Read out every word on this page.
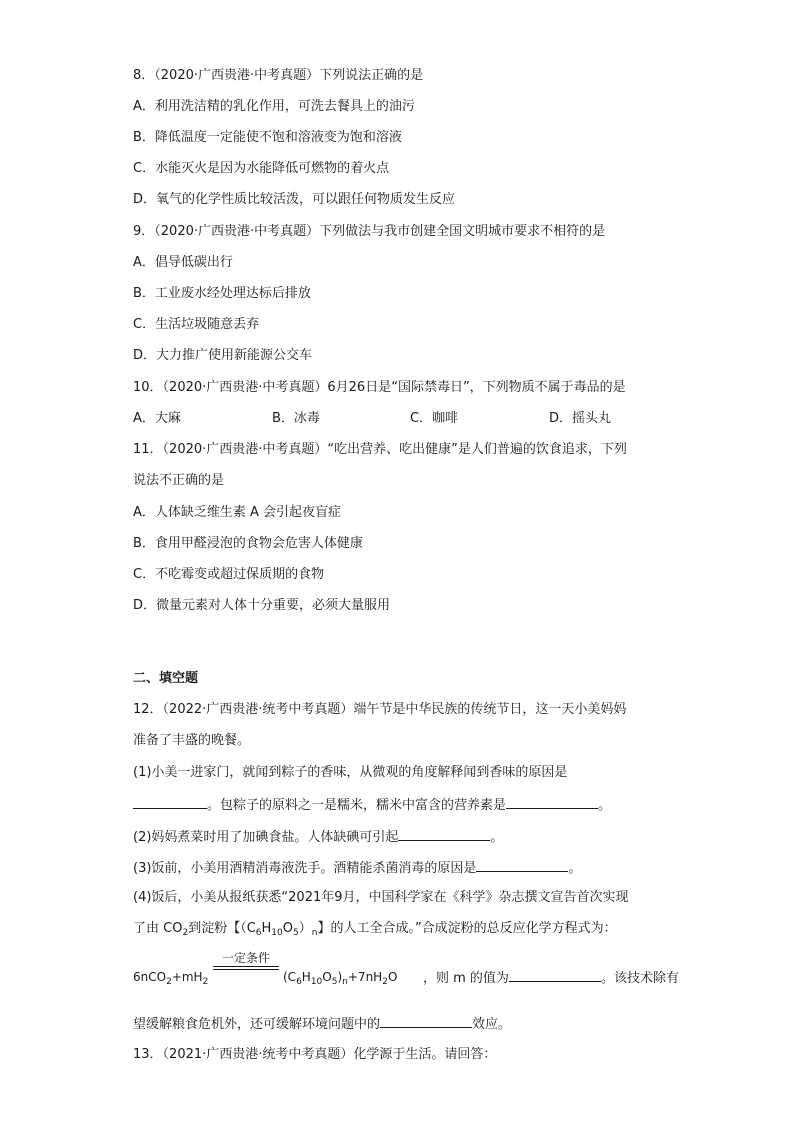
8．（2020·广西贵港·中考真题）下列说法正确的是
A．利用洗洁精的乳化作用，可洗去餐具上的油污
B．降低温度一定能使不饱和溶液变为饱和溶液
C．水能灭火是因为水能降低可燃物的着火点
D．氧气的化学性质比较活泼，可以跟任何物质发生反应
9．（2020·广西贵港·中考真题）下列做法与我市创建全国文明城市要求不相符的是
A．倡导低碳出行
B．工业废水经处理达标后排放
C．生活垃圾随意丢弃
D．大力推广使用新能源公交车
10．（2020·广西贵港·中考真题）6月26日是“国际禁毒日”，下列物质不属于毒品的是
A．大麻	B．冰毒	C．咖啡	D．摇头丸
11．（2020·广西贵港·中考真题）“吃出营养、吃出健康”是人们普遍的饮食追求，下列
说法不正确的是
A．人体缺乏维生素 A 会引起夜盲症
B．食用甲醛浸泡的食物会危害人体健康
C．不吃霉变或超过保质期的食物
D．微量元素对人体十分重要，必须大量服用
二、填空题
12．（2022·广西贵港·统考中考真题）端午节是中华民族的传统节日，这一天小美妈妈
准备了丰盛的晚餐。
(1)小美一进家门，就闻到粽子的香味，从微观的角度解释闻到香味的原因是
。包粽子的原料之一是糯米，糯米中富含的营养素是	。
(2)妈妈煮菜时用了加碘食盐。人体缺碘可引起	。
(3)饭前，小美用酒精消毒液洗手。酒精能杀菌消毒的原因是	。
(4)饭后，小美从报纸获悉“2021年9月，中国科学家在《科学》杂志撰文宣告首次实现
了由 $CO_2$到淀粉【$(C_6H_{10}O_5)_n$】的人工全合成。”合成淀粉的总反应化学方程式为：
$6nCO_2+mH_2$
一定条件
$(C_6H_{10}O_5)_n+7nH_2O$ ，则 m 的值为	。该技术除有
望缓解粮食危机外，还可缓解环境问题中的	效应。
13．（2021·广西贵港·统考中考真题）化学源于生活。请回答：
